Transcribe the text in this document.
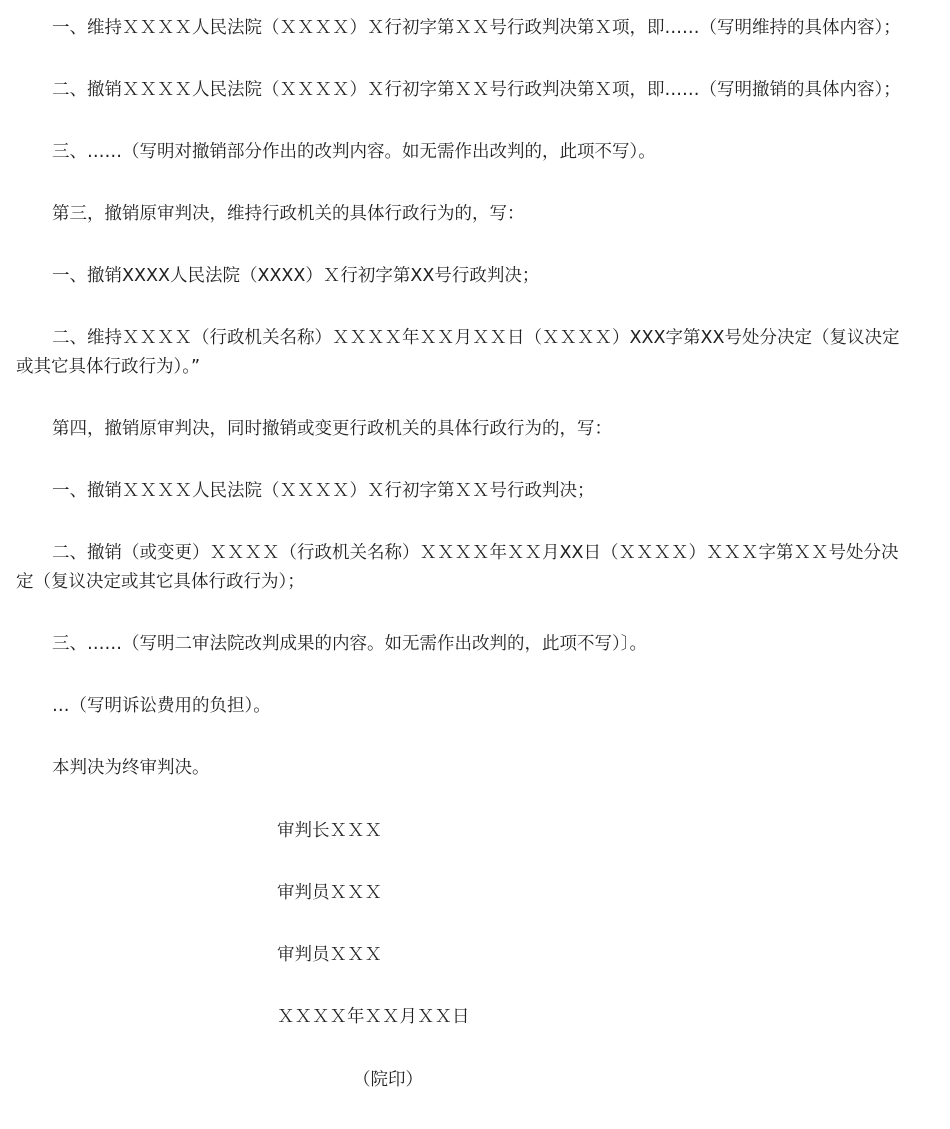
一、维持ＸＸＸＸ人民法院（ＸＸＸＸ）Ｘ行初字第ＸＸ号行政判决第Ｘ项，即……（写明维持的具体内容）；

二、撤销ＸＸＸＸ人民法院（ＸＸＸＸ）Ｘ行初字第ＸＸ号行政判决第Ｘ项，即……（写明撤销的具体内容）；

三、……（写明对撤销部分作出的改判内容。如无需作出改判的，此项不写）。

第三，撤销原审判决，维持行政机关的具体行政行为的，写：

一、撤销XXXX人民法院（XXXX）Ｘ行初字第XX号行政判决；

二、维持ＸＸＸＸ（行政机关名称）ＸＸＸＸ年ＸＸ月ＸＸ日（ＸＸＸＸ）XXX字第XX号处分决定（复议决定或其它具体行政行为）。”

第四，撤销原审判决，同时撤销或变更行政机关的具体行政行为的，写：

一、撤销ＸＸＸＸ人民法院（ＸＸＸＸ）Ｘ行初字第ＸＸ号行政判决；

二、撤销（或变更）ＸＸＸＸ（行政机关名称）ＸＸＸＸ年ＸＸ月XX日（ＸＸＸＸ）ＸＸＸ字第ＸＸ号处分决定（复议决定或其它具体行政行为）；

三、……（写明二审法院改判成果的内容。如无需作出改判的，此项不写）〕。

…（写明诉讼费用的负担）。

本判决为终审判决。

审判长ＸＸＸ

审判员ＸＸＸ

审判员ＸＸＸ

ＸＸＸＸ年ＸＸ月ＸＸ日

（院印）
